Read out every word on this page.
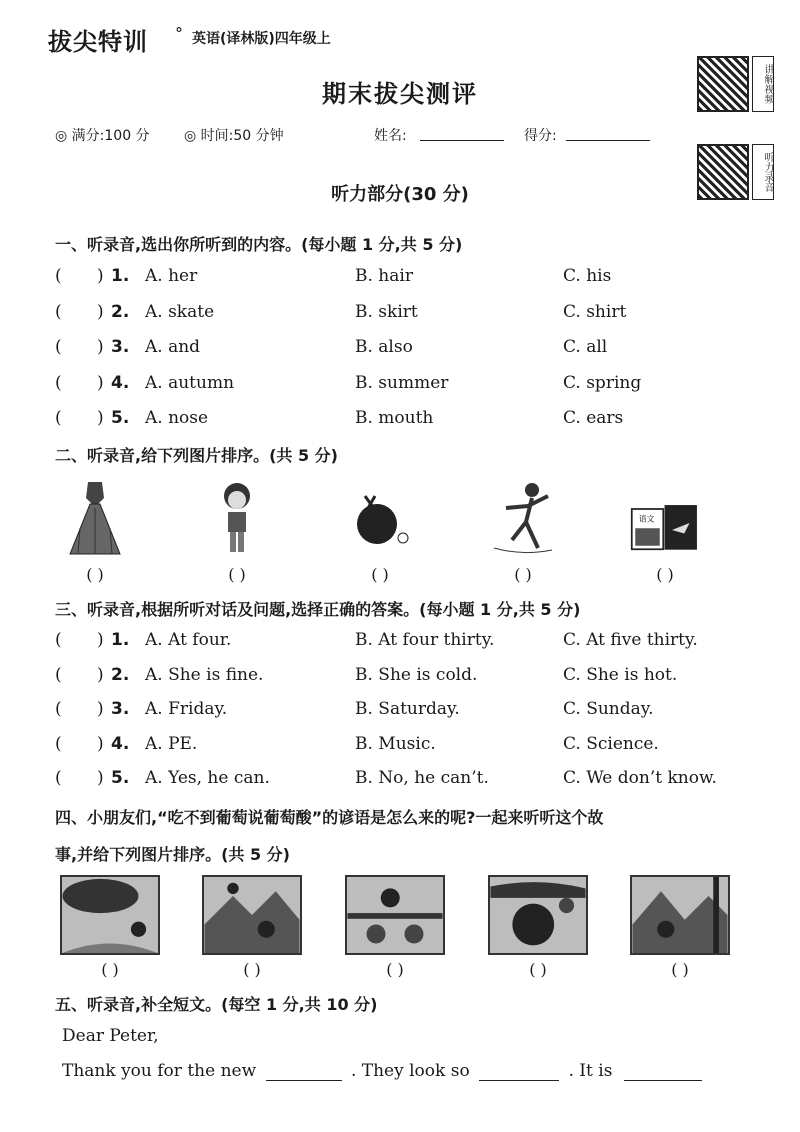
拔尖特训 ° 英语(译林版)四年级上
期末拔尖测评	讲解视频
听力录音
◎ 满分:100 分 ◎ 时间:50 分钟	姓名:	得分:
听力部分(30 分)
一、听录音,选出你所听到的内容。(每小题 1 分,共 5 分)
( ) 1. A. her	B. hair	C. his
( ) 2. A. skate	B. skirt	C. shirt
( ) 3. A. and	B. also	C. all
( ) 4. A. autumn	B. summer	C. spring
( ) 5. A. nose	B. mouth	C. ears
二、听录音,给下列图片排序。(共 5 分)
语文
( )	( )	( )	( )	( )
三、听录音,根据所听对话及问题,选择正确的答案。(每小题 1 分,共 5 分)
( ) 1. A. At four.	B. At four thirty.	C. At five thirty.
( ) 2. A. She is fine.	B. She is cold.	C. She is hot.
( ) 3. A. Friday.	B. Saturday.	C. Sunday.
( ) 4. A. PE.	B. Music.	C. Science.
( ) 5. A. Yes, he can.	B. No, he can’t.	C. We don’t know.
四、小朋友们,“吃不到葡萄说葡萄酸”的谚语是怎么来的呢?一起来听听这个故
事,并给下列图片排序。(共 5 分)
( )	( )	( )	( )	( )
五、听录音,补全短文。(每空 1 分,共 10 分)
Dear Peter,
Thank you for the new	. They look so	. It is
